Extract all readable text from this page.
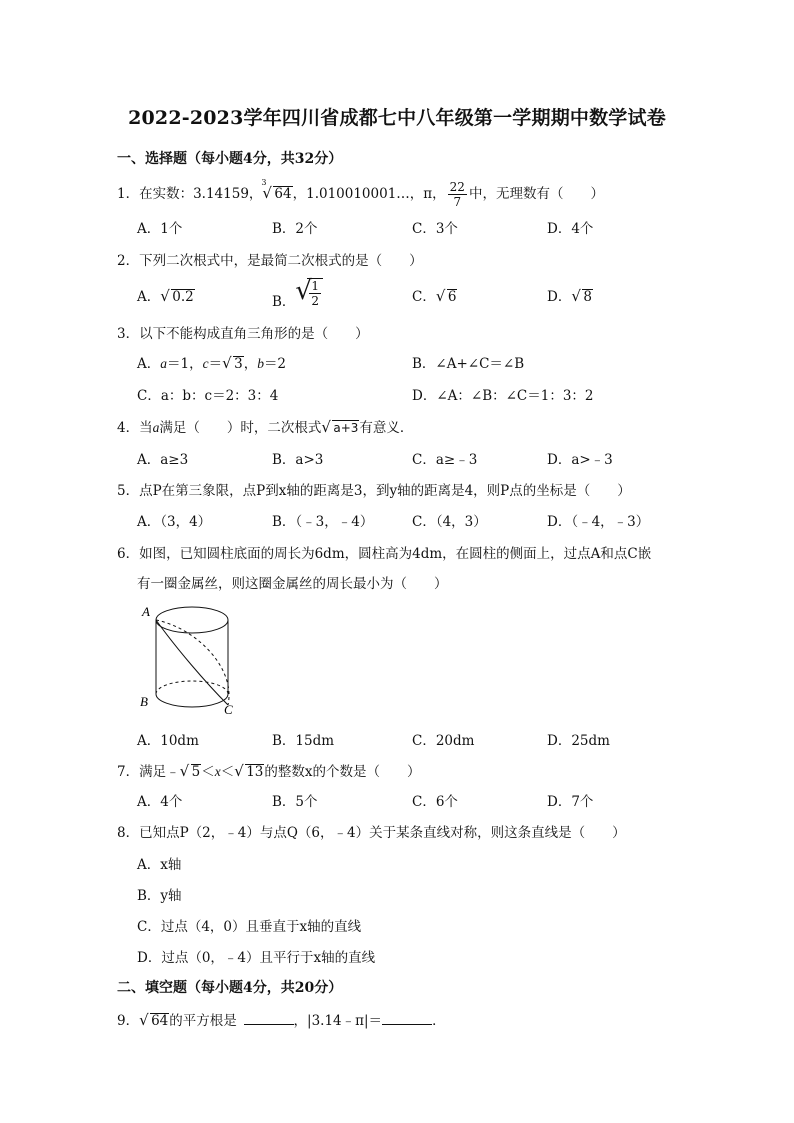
2022-2023学年四川省成都七中八年级第一学期期中数学试卷
一、选择题（每小题4分，共32分）
1．在实数：3.14159，
3
√ 64，1.010010001…，π， $\frac{22}{7}$ 中，无理数有（　　）
A．1个	B．2个	C．3个	D．4个
2．下列二次根式中，是最简二次根式的是（　　）
A． √ 0.2	B． √
$\frac{1}{2}$	C． √ 6	D． √ 8
3．以下不能构成直角三角形的是（　　）
A．a＝1，c＝ √ 3，b＝2	B．∠A+∠C＝∠B
C．a：b：c＝2：3：4	D．∠A：∠B：∠C＝1：3：2
4．当a满足（　　）时，二次根式 √ a+3有意义．
A．a≥3	B．a>3	C．a≥﹣3	D．a>﹣3
5．点P在第三象限，点P到x轴的距离是3，到y轴的距离是4，则P点的坐标是（　　）
A．（3，4）	B．（﹣3，﹣4）	C．（4，3）	D．（﹣4，﹣3）
6．如图，已知圆柱底面的周长为6dm，圆柱高为4dm，在圆柱的侧面上，过点A和点C嵌
有一圈金属丝，则这圈金属丝的周长最小为（　　）
A
B
C
A．10dm	B．15dm	C．20dm	D．25dm
7．满足﹣ √ 5＜x＜ √ 13的整数x的个数是（　　）
A．4个	B．5个	C．6个	D．7个
8．已知点P（2，﹣4）与点Q（6，﹣4）关于某条直线对称，则这条直线是（　　）
A．x轴
B．y轴
C．过点（4，0）且垂直于x轴的直线
D．过点（0，﹣4）且平行于x轴的直线
二、填空题（每小题4分，共20分）
9． √ 64的平方根是 	，|3.14﹣π|＝	．
